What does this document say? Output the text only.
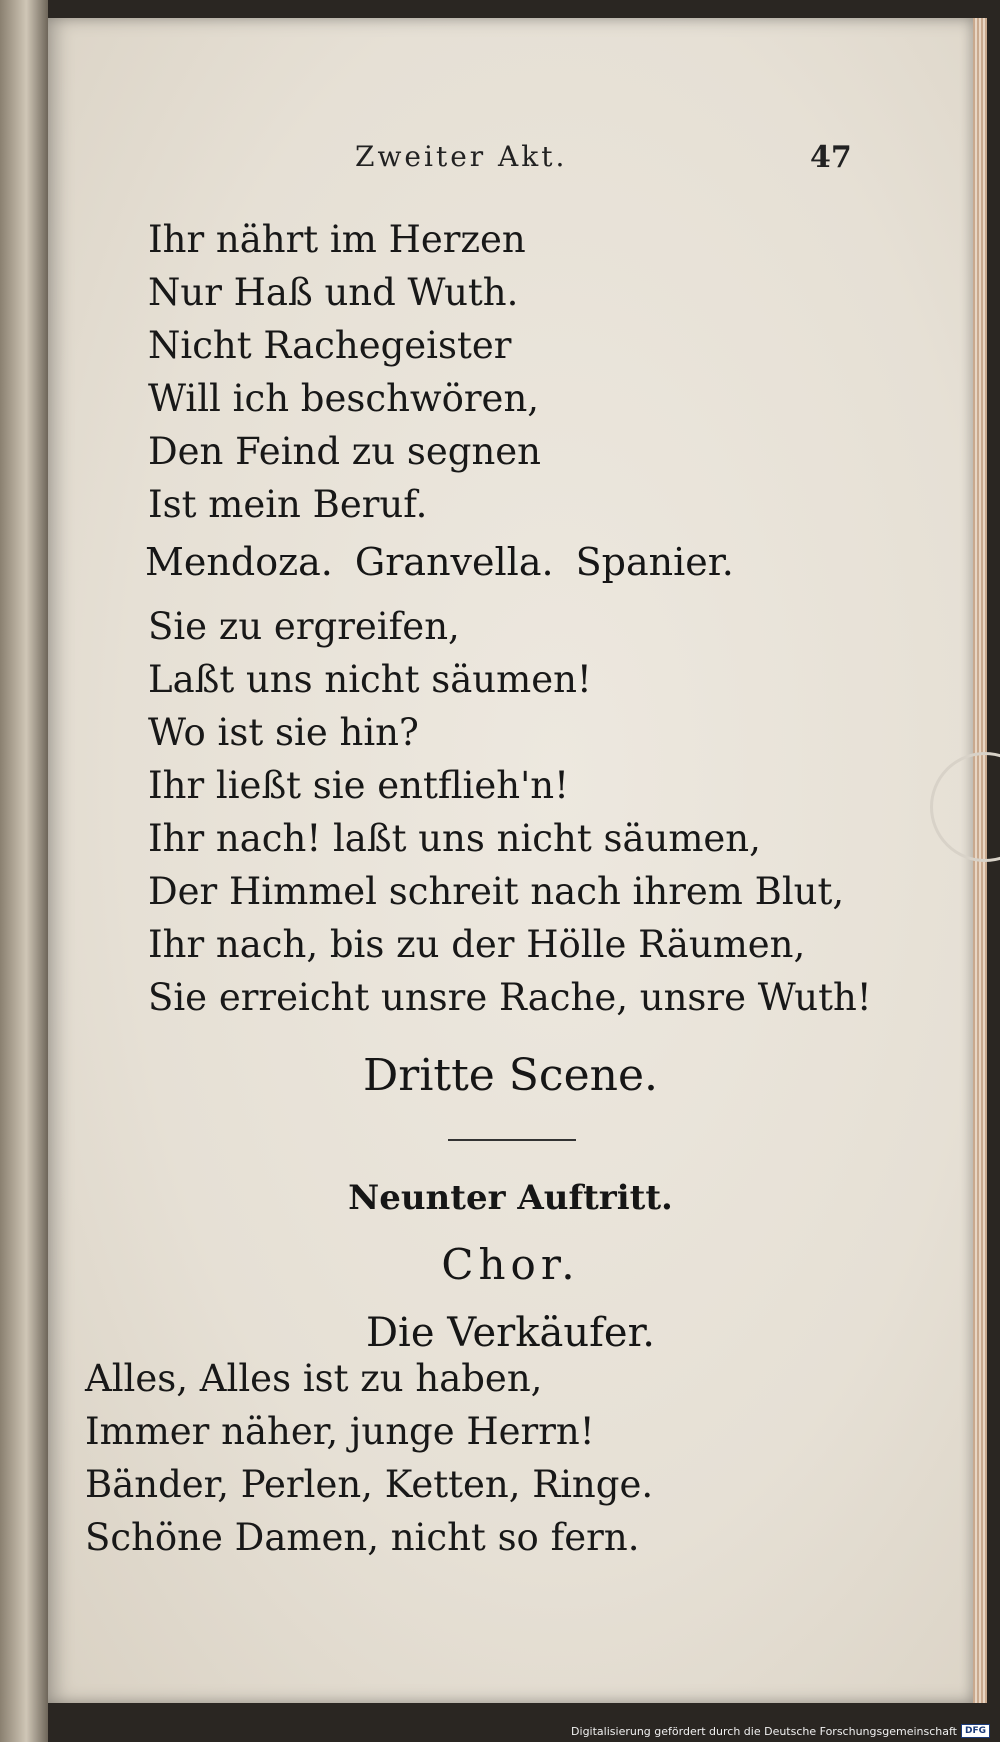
Zweiter Akt.	47
Ihr nährt im Herzen
Nur Haß und Wuth.
Nicht Rachegeister
Will ich beschwören,
Den Feind zu segnen
Ist mein Beruf.
Mendoza. Granvella. Spanier.
Sie zu ergreifen,
Laßt uns nicht säumen!
Wo ist sie hin?
Ihr ließt sie entflieh'n!
Ihr nach! laßt uns nicht säumen,
Der Himmel schreit nach ihrem Blut,
Ihr nach, bis zu der Hölle Räumen,
Sie erreicht unsre Rache, unsre Wuth!
Dritte Scene.
Neunter Auftritt.
Chor.
Die Verkäufer.
Alles, Alles ist zu haben,
Immer näher, junge Herrn!
Bänder, Perlen, Ketten, Ringe.
Schöne Damen, nicht so fern.
Digitalisierung gefördert durch die Deutsche Forschungsgemeinschaft DFG
